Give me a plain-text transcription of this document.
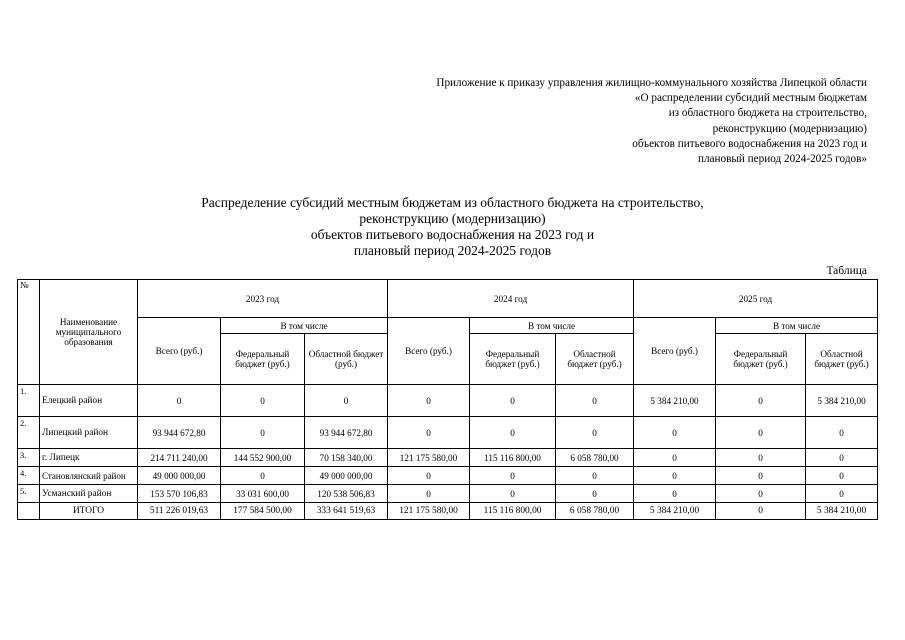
Приложение к приказу управления жилищно-коммунального хозяйства Липецкой области
«О распределении субсидий местным бюджетам
из областного бюджета на строительство,
реконструкцию (модернизацию)
объектов питьевого водоснабжения на 2023 год и
плановый период 2024-2025 годов»
Распределение субсидий местным бюджетам из областного бюджета на строительство,
реконструкцию (модернизацию)
объектов питьевого водоснабжения на 2023 год и
плановый период 2024-2025 годов
Таблица
№	Наименование муниципального образования	2023 год			2024 год			2025 год		
		Всего (руб.)	В том числе		Всего (руб.)	В том числе		Всего (руб.)	В том числе	
			Федеральный бюджет (руб.)	Областной бюджет (руб.)		Федеральный бюджет (руб.)	Областной бюджет (руб.)		Федеральный бюджет (руб.)	Областной бюджет (руб.)
1.	Елецкий район	0	0	0	0	0	0	5 384 210,00	0	5 384 210,00
2.	Липецкий район	93 944 672,80	0	93 944 672,80	0	0	0	0	0	0
3.	г. Липецк	214 711 240,00	144 552 900,00	70 158 340,00	121 175 580,00	115 116 800,00	6 058 780,00	0	0	0
4.	Становлянский район	49 000 000,00	0	49 000 000,00	0	0	0	0	0	0
5.	Усманский район	153 570 106,83	33 031 600,00	120 538 506,83	0	0	0	0	0	0
	ИТОГО	511 226 019,63	177 584 500,00	333 641 519,63	121 175 580,00	115 116 800,00	6 058 780,00	5 384 210,00	0	5 384 210,00
